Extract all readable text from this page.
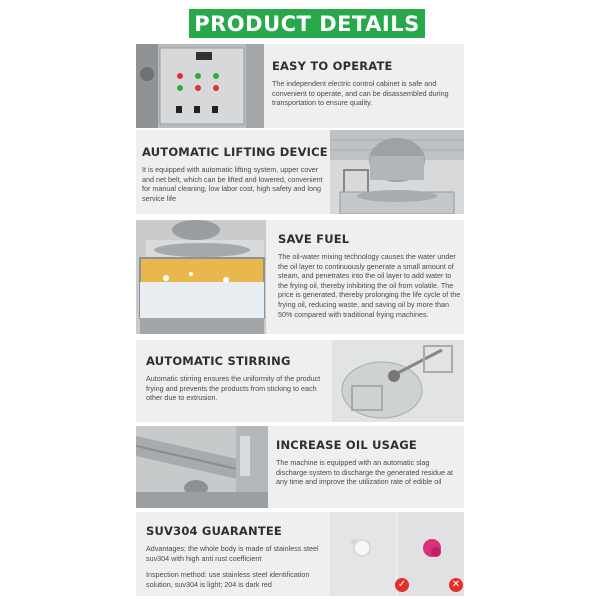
PRODUCT DETAILS
EASY TO OPERATE
The independent electric control cabinet is safe and convenient to operate, and can be disassembled during transportation to ensure quality.
AUTOMATIC LIFTING DEVICE
It is equipped with automatic lifting system, upper cover and net belt, which can be lifted and lowered, convenient for manual cleaning, low labor cost, high safety and long service life
SAVE FUEL
The oil-water mixing technology causes the water under the oil layer to continuously generate a small amount of steam, and penetrates into the oil layer to add water to the frying oil, thereby inhibiting the oil from volatile. The price is generated, thereby prolonging the life cycle of the frying oil, reducing waste, and saving oil by more than 50% compared with traditional frying machines.
AUTOMATIC STIRRING
Automatic stirring ensures the uniformity of the product frying and prevents the products from sticking to each other due to extrusion.
INCREASE OIL USAGE
The machine is equipped with an automatic slag discharge system to discharge the generated residue at any time and improve the utilization rate of edible oil
SUV304 GUARANTEE
Advantages: the whole body is made of stainless steel suv304 with high anti rust coefficient
Inspection method: use stainless steel identification solution, suv304 is light; 204 is dark red	✓	✕
